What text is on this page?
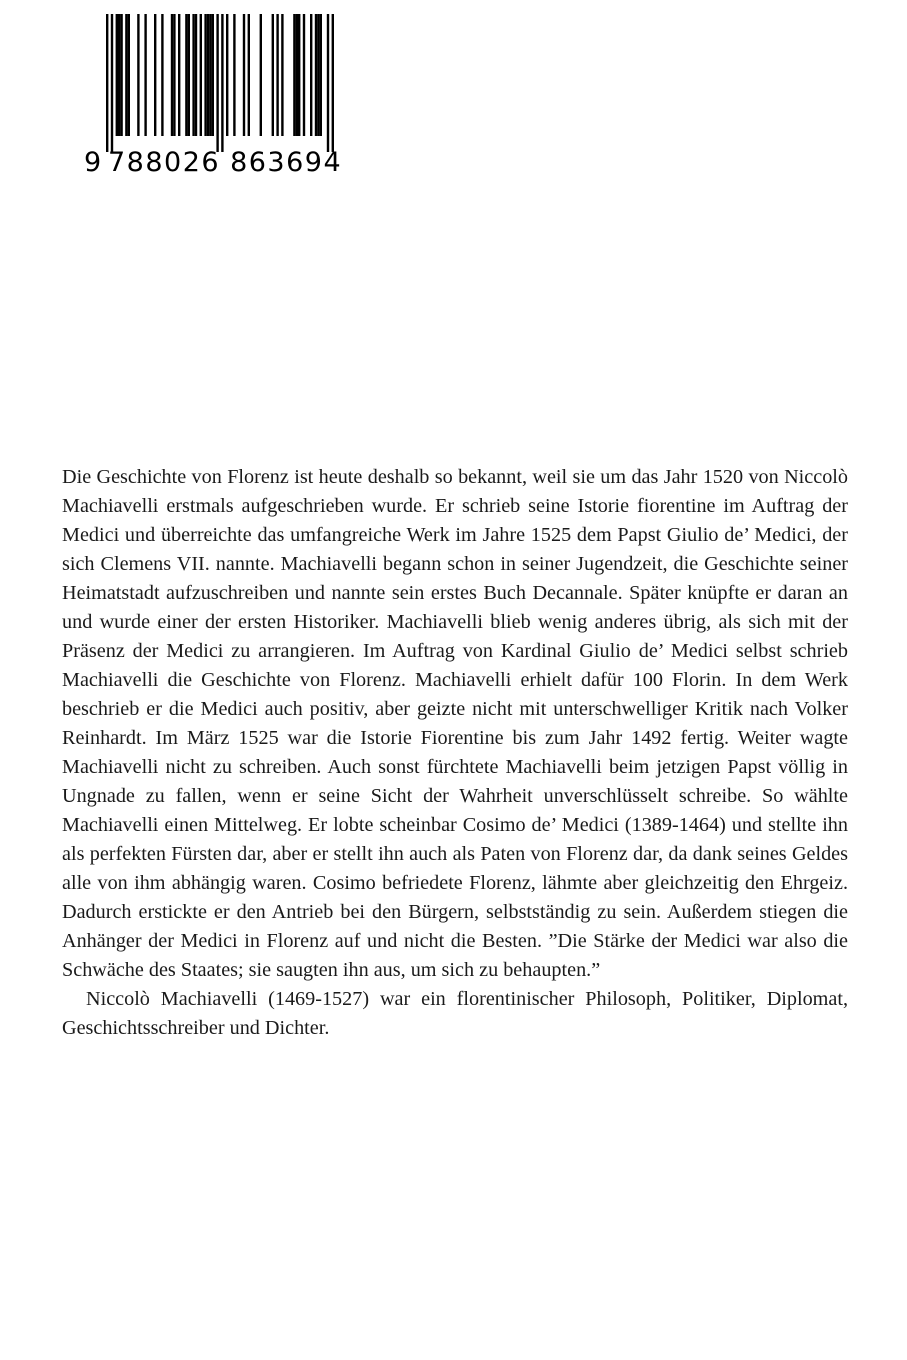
9 788026 863694

Die Geschichte von Florenz ist heute deshalb so bekannt, weil sie um das Jahr 1520 von Niccolò Machiavelli erstmals aufgeschrieben wurde. Er schrieb seine Istorie fiorentine im Auftrag der Medici und überreichte das umfangreiche Werk im Jahre 1525 dem Papst Giulio de’ Medici, der sich Clemens VII. nannte. Machiavelli begann schon in seiner Jugendzeit, die Geschichte seiner Heimatstadt aufzuschreiben und nannte sein erstes Buch Decannale. Später knüpfte er daran an und wurde einer der ersten Historiker. Machiavelli blieb wenig anderes übrig, als sich mit der Präsenz der Medici zu arrangieren. Im Auftrag von Kardinal Giulio de’ Medici selbst schrieb Machiavelli die Geschichte von Florenz. Machiavelli erhielt dafür 100 Florin. In dem Werk beschrieb er die Medici auch positiv, aber geizte nicht mit unterschwelliger Kritik nach Volker Reinhardt. Im März 1525 war die Istorie Fiorentine bis zum Jahr 1492 fertig. Weiter wagte Machiavelli nicht zu schreiben. Auch sonst fürchtete Machiavelli beim jetzigen Papst völlig in Ungnade zu fallen, wenn er seine Sicht der Wahrheit unverschlüsselt schreibe. So wählte Machiavelli einen Mittelweg. Er lobte scheinbar Cosimo de’ Medici (1389-1464) und stellte ihn als perfekten Fürsten dar, aber er stellt ihn auch als Paten von Florenz dar, da dank seines Geldes alle von ihm abhängig waren. Cosimo befriedete Florenz, lähmte aber gleichzeitig den Ehrgeiz. Dadurch erstickte er den Antrieb bei den Bürgern, selbstständig zu sein. Außerdem stiegen die Anhänger der Medici in Florenz auf und nicht die Besten. ”Die Stärke der Medici war also die Schwäche des Staates; sie saugten ihn aus, um sich zu behaupten.”

Niccolò Machiavelli (1469-1527) war ein florentinischer Philosoph, Politiker, Diplomat, Geschichtsschreiber und Dichter.
